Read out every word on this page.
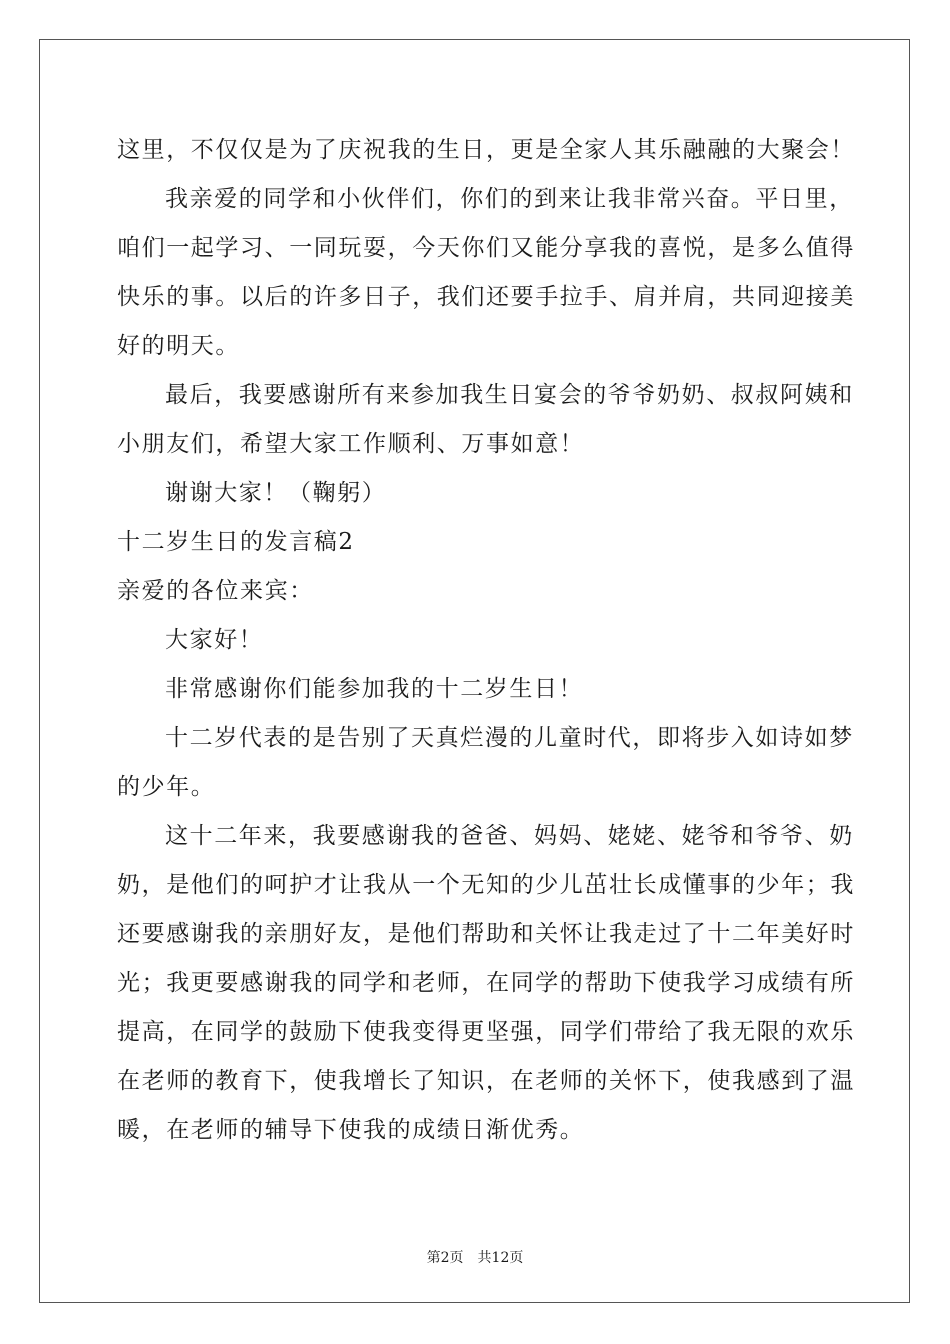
这里，不仅仅是为了庆祝我的生日，更是全家人其乐融融的大聚会！
我亲爱的同学和小伙伴们，你们的到来让我非常兴奋。平日里，
咱们一起学习、一同玩耍，今天你们又能分享我的喜悦，是多么值得
快乐的事。以后的许多日子，我们还要手拉手、肩并肩，共同迎接美
好的明天。
最后，我要感谢所有来参加我生日宴会的爷爷奶奶、叔叔阿姨和
小朋友们，希望大家工作顺利、万事如意！
谢谢大家！（鞠躬）
十二岁生日的发言稿2
亲爱的各位来宾：
大家好！
非常感谢你们能参加我的十二岁生日！
十二岁代表的是告别了天真烂漫的儿童时代，即将步入如诗如梦
的少年。
这十二年来，我要感谢我的爸爸、妈妈、姥姥、姥爷和爷爷、奶
奶，是他们的呵护才让我从一个无知的少儿茁壮长成懂事的少年；我
还要感谢我的亲朋好友，是他们帮助和关怀让我走过了十二年美好时
光；我更要感谢我的同学和老师，在同学的帮助下使我学习成绩有所
提高，在同学的鼓励下使我变得更坚强，同学们带给了我无限的欢乐
在老师的教育下，使我增长了知识，在老师的关怀下，使我感到了温
暖，在老师的辅导下使我的成绩日渐优秀。
第2页 共12页
